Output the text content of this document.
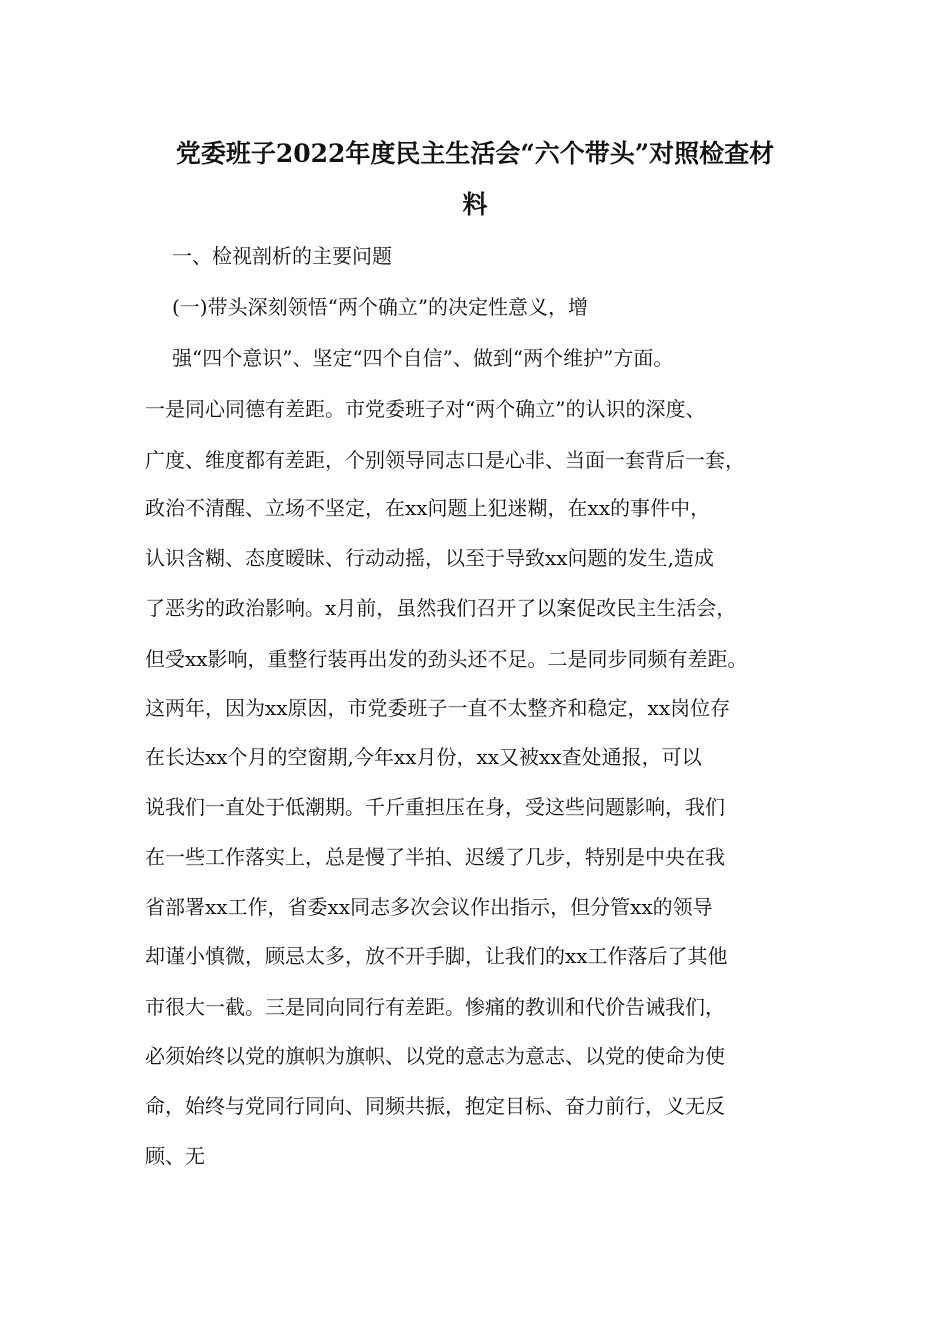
党委班子2022年度民主生活会“六个带头”对照检查材
料
一、检视剖析的主要问题
(一)带头深刻领悟“两个确立”的决定性意义，增
强“四个意识”、坚定“四个自信”、做到“两个维护”方面。
一是同心同德有差距。市党委班子对“两个确立”的认识的深度、
广度、维度都有差距，个别领导同志口是心非、当面一套背后一套，
政治不清醒、立场不坚定，在xx问题上犯迷糊，在xx的事件中，
认识含糊、态度暧昧、行动动摇，以至于导致xx问题的发生,造成
了恶劣的政治影响。x月前，虽然我们召开了以案促改民主生活会，
但受xx影响，重整行装再出发的劲头还不足。二是同步同频有差距。
这两年，因为xx原因，市党委班子一直不太整齐和稳定，xx岗位存
在长达xx个月的空窗期,今年xx月份，xx又被xx查处通报，可以
说我们一直处于低潮期。千斤重担压在身，受这些问题影响，我们
在一些工作落实上，总是慢了半拍、迟缓了几步，特别是中央在我
省部署xx工作，省委xx同志多次会议作出指示，但分管xx的领导
却谨小慎微，顾忌太多，放不开手脚，让我们的xx工作落后了其他
市很大一截。三是同向同行有差距。惨痛的教训和代价告诫我们，
必须始终以党的旗帜为旗帜、以党的意志为意志、以党的使命为使
命，始终与党同行同向、同频共振，抱定目标、奋力前行，义无反
顾、无
